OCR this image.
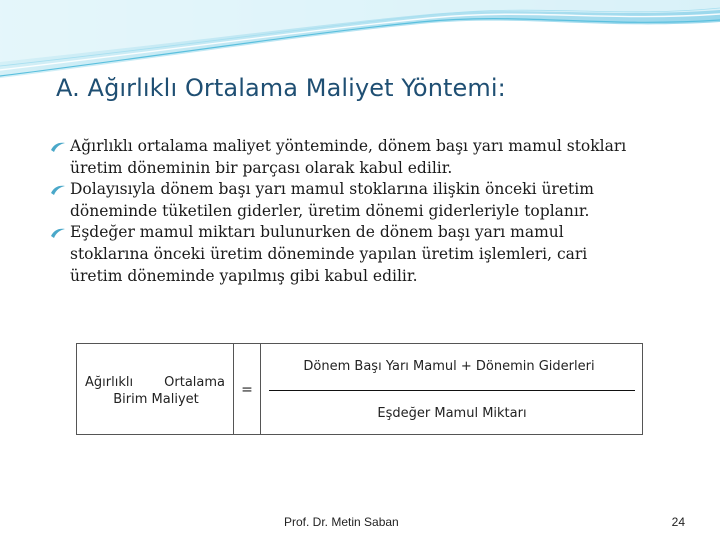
A. Ağırlıklı Ortalama Maliyet Yöntemi:
Ağırlıklı ortalama maliyet yönteminde, dönem başı yarı mamul stokları
üretim döneminin bir parçası olarak kabul edilir.
Dolayısıyla dönem başı yarı mamul stoklarına ilişkin önceki üretim
döneminde tüketilen giderler, üretim dönemi giderleriyle toplanır.
Eşdeğer mamul miktarı bulunurken de dönem başı yarı mamul
stoklarına önceki üretim döneminde yapılan üretim işlemleri, cari
üretim döneminde yapılmış gibi kabul edilir.
Ağırlıklı Ortalama
Birim Maliyet
=
Dönem Başı Yarı Mamul + Dönemin Giderleri
Eşdeğer Mamul Miktarı
Prof. Dr. Metin Saban	24
